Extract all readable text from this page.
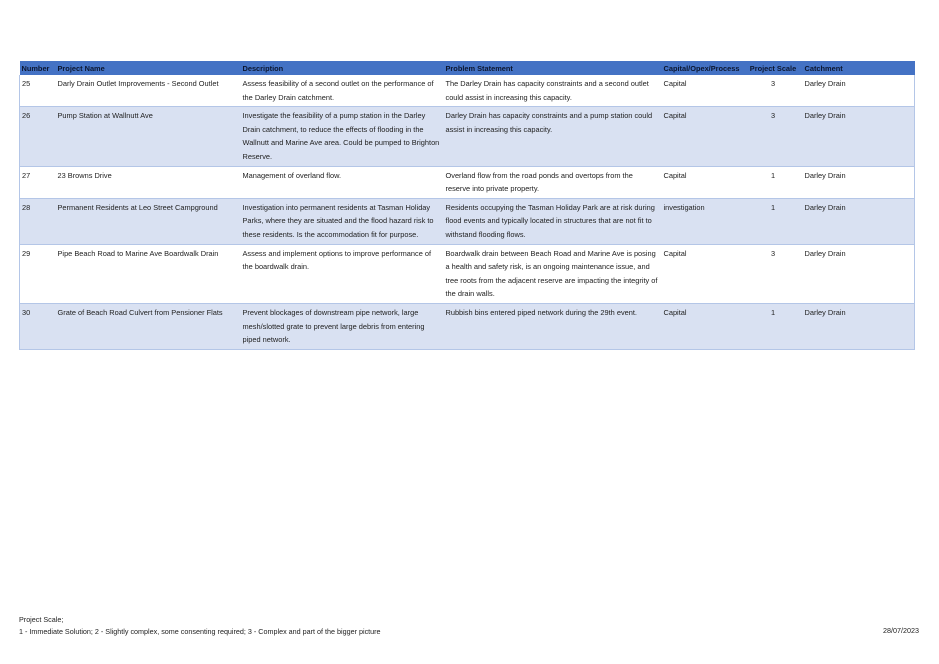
Number	Project Name	Description	Problem Statement	Capital/Opex/Process	Project Scale	Catchment
25	Darly Drain Outlet Improvements - Second Outlet	Assess feasibility of a second outlet on the performance of the Darley Drain catchment.	The Darley Drain has capacity constraints and a second outlet could assist in increasing this capacity.	Capital	3	Darley Drain
26	Pump Station at Wallnutt Ave	Investigate the feasibility of a pump station in the Darley Drain catchment, to reduce the effects of flooding in the Wallnutt and Marine Ave area. Could be pumped to Brighton Reserve.	Darley Drain has capacity constraints and a pump station could assist in increasing this capacity.	Capital	3	Darley Drain
27	23 Browns Drive	Management of overland flow.	Overland flow from the road ponds and overtops from the reserve into private property.	Capital	1	Darley Drain
28	Permanent Residents at Leo Street Campground	Investigation into permanent residents at Tasman Holiday Parks, where they are situated and the flood hazard risk to these residents. Is the accommodation fit for purpose.	Residents occupying the Tasman Holiday Park are at risk during flood events and typically located in structures that are not fit to withstand flooding flows.	investigation	1	Darley Drain
29	Pipe Beach Road to Marine Ave Boardwalk Drain	Assess and implement options to improve performance of the boardwalk drain.	Boardwalk drain between Beach Road and Marine Ave is posing a health and safety risk, is an ongoing maintenance issue, and tree roots from the adjacent reserve are impacting the integrity of the drain walls.	Capital	3	Darley Drain
30	Grate of Beach Road Culvert from Pensioner Flats	Prevent blockages of downstream pipe network, large mesh/slotted grate to prevent large debris from entering piped network.	Rubbish bins entered piped network during the 29th event.	Capital	1	Darley Drain
Project Scale;
1 - Immediate Solution; 2 - Slightly complex, some consenting required; 3 - Complex and part of the bigger picture	28/07/2023
